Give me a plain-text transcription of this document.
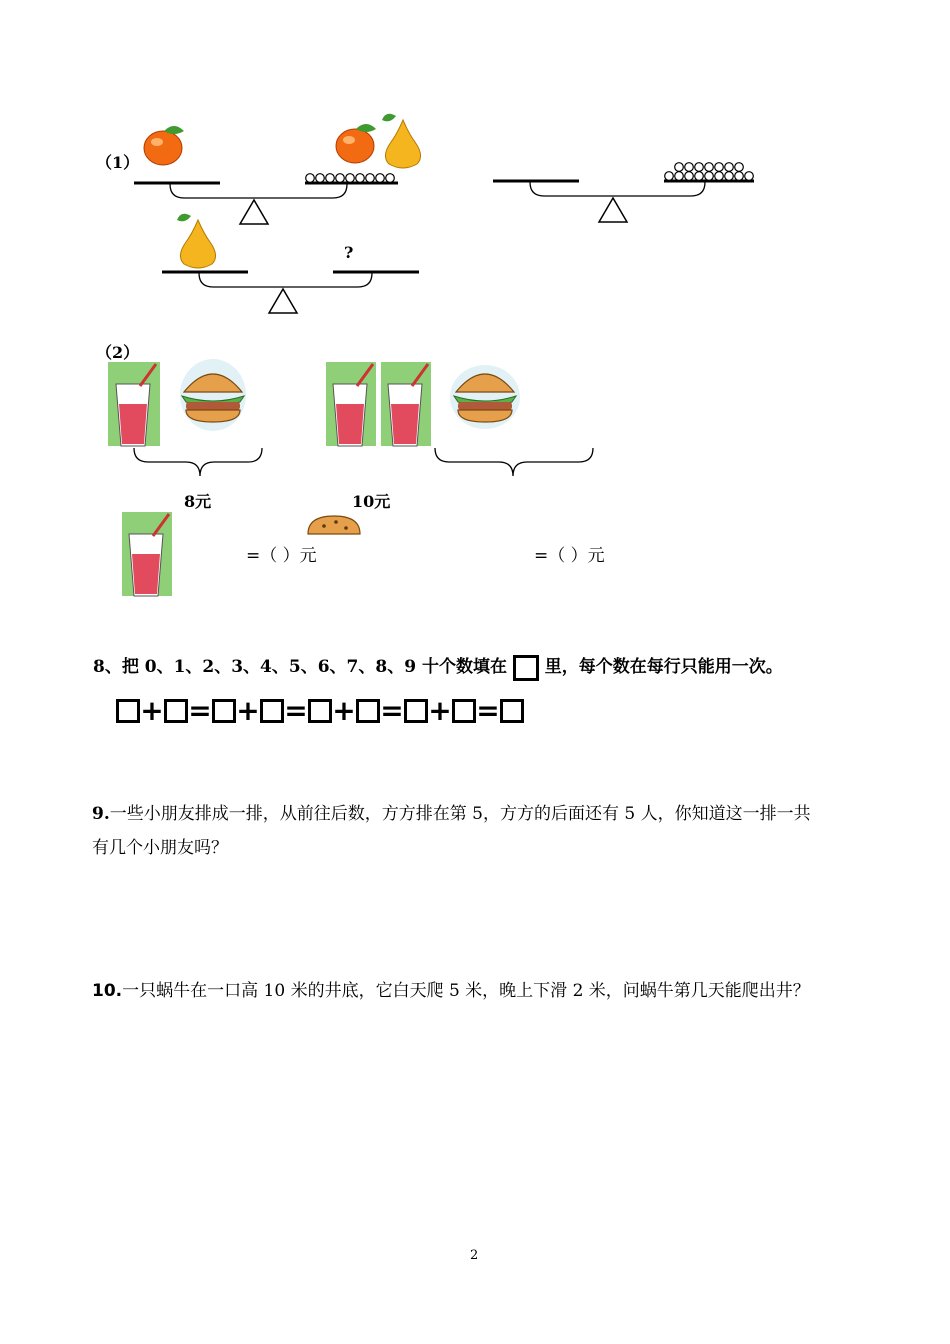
（1）
?
（2）
8元	10元
=（ ）元	=（ ）元
8、把 0、1、2、3、4、5、6、7、8、9 十个数填在 里，每个数在每行只能用一次。
+ = + = + = + =
9.一些小朋友排成一排，从前往后数，方方排在第 5，方方的后面还有 5 人，你知道这一排一共
有几个小朋友吗？
10.一只蜗牛在一口高 10 米的井底，它白天爬 5 米，晚上下滑 2 米，问蜗牛第几天能爬出井？
2
